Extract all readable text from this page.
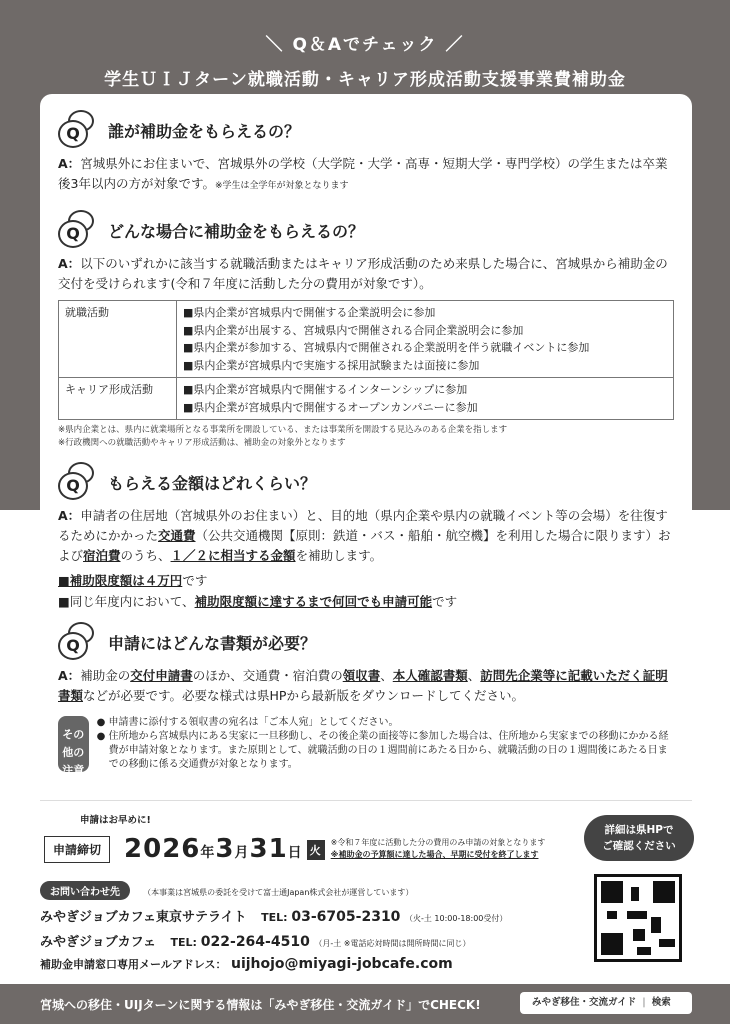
＼ Q＆Aでチェック ／
学生ＵＩＪターン就職活動・キャリア形成活動支援事業費補助金
Q	誰が補助金をもらえるの？
A：宮城県外にお住まいで、宮城県外の学校（大学院・大学・高専・短期大学・専門学校）の学生または卒業後3年以内の方が対象です。※学生は全学年が対象となります
Q	どんな場合に補助金をもらえるの？
A：以下のいずれかに該当する就職活動またはキャリア形成活動のため来県した場合に、宮城県から補助金の交付を受けられます(令和７年度に活動した分の費用が対象です）。
就職活動	■県内企業が宮城県内で開催する企業説明会に参加
■県内企業が出展する、宮城県内で開催される合同企業説明会に参加
■県内企業が参加する、宮城県内で開催される企業説明を伴う就職イベントに参加
■県内企業が宮城県内で実施する採用試験または面接に参加

キャリア形成活動	■県内企業が宮城県内で開催するインターンシップに参加
■県内企業が宮城県内で開催するオープンカンパニーに参加
※県内企業とは、県内に就業場所となる事業所を開設している、または事業所を開設する見込みのある企業を指します
※行政機関への就職活動やキャリア形成活動は、補助金の対象外となります
Q	もらえる金額はどれくらい？
A：申請者の住居地（宮城県外のお住まい）と、目的地（県内企業や県内の就職イベント等の会場）を往復するためにかかった交通費（公共交通機関【原則：鉄道・バス・船舶・航空機】を利用した場合に限ります）および宿泊費のうち、１／２に相当する金額を補助します。
■補助限度額は４万円です
■同じ年度内において、補助限度額に達するまで何回でも申請可能です
Q	申請にはどんな書類が必要？
A：補助金の交付申請書のほか、交通費・宿泊費の領収書、本人確認書類、訪問先企業等に記載いただく証明書類などが必要です。必要な様式は県HPから最新版をダウンロードしてください。
その他の
注意事項
● 申請書に添付する領収書の宛名は「ご本人宛」としてください。
● 住所地から宮城県内にある実家に一旦移動し、その後企業の面接等に参加した場合は、住所地から実家までの移動にかかる経費が申請対象となります。また原則として、就職活動の日の１週間前にあたる日から、就職活動の日の１週間後にあたる日までの移動に係る交通費が対象となります。
申請はお早めに!
申請締切 2026年3月31日 火
※令和７年度に活動した分の費用のみ申請の対象となります
※補助金の予算額に達した場合、早期に受付を終了します
詳細は県HPで
ご確認ください
お問い合わせ先	（本事業は宮城県の委託を受けて富士通Japan株式会社が運営しています）
みやぎジョブカフェ東京サテライト TEL: 03-6705-2310 （火-土 10:00-18:00受付）
みやぎジョブカフェ TEL: 022-264-4510 （月-土 ※電話応対時間は開所時間に同じ）
補助金申請窓口専用メールアドレス： uijhojo@miyagi-jobcafe.com
宮城への移住・UIJターンに関する情報は「みやぎ移住・交流ガイド」でCHECK!	みやぎ移住・交流ガイド | 検索
